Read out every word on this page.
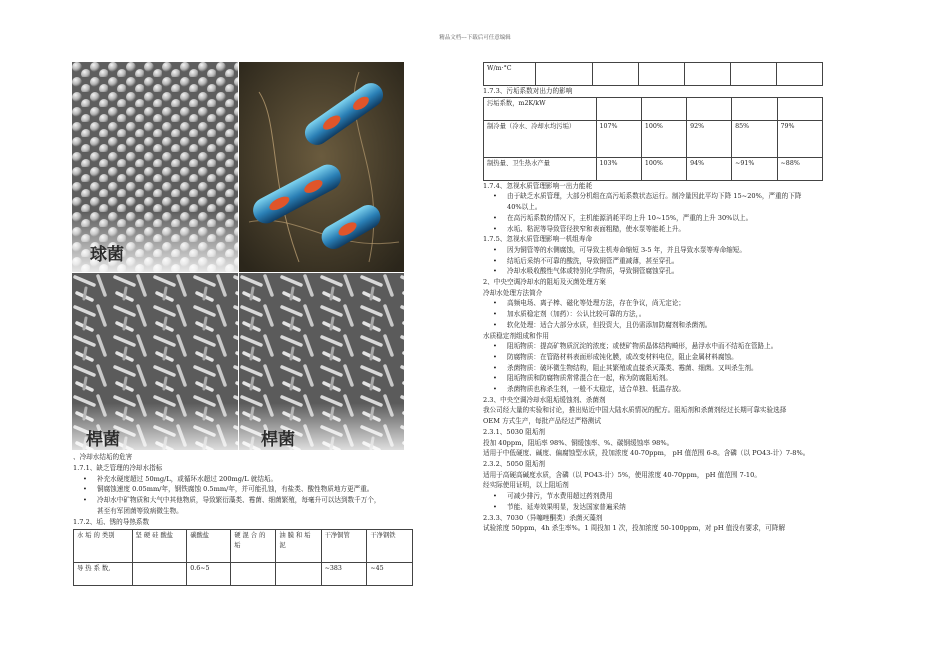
精品文档---下载后可任意编辑
球菌
桿菌	桿菌

、冷却水结垢的危害

1.7.1、缺乏管理的冷却水指标

• 补充水硬度超过 50mg/L，或循环水超过 200mg/L 就结垢。
• 铜腐蚀速度 0.05mm/年，钢铁腐蚀 0.5mm/年，并可能孔蚀，有盐类、酸性物质地方更严重。
• 冷却水中矿物质和大气中其他物质，导致繁衍藻类、霉菌、细菌繁殖，每毫升可以达到数千万个，

甚至有军团菌等致病微生物。

1.7.2、垢、锈的导热系数

水 垢 的 类别	坚 硬 硅 酸盐	碳酸盐	硬 混 合 的 垢	油 膜 和 垢 泥	干净铜管	干净钢铁
导 热 系 数,		0.6~5			~383	~45
W/m·°C						

1.7.3、污垢系数对出力的影响

污垢系数，m2K/kW					
制冷量（冷水、冷却水均污垢）	107%	100%	92%	85%	79%
制热量、卫生热水产量	103%	100%	94%	~91%	~88%

1.7.4、忽视水质管理影响一出力能耗

• 由于缺乏水质管理，大部分机组在高污垢系数状态运行。制冷量因此平均下降 15~20%，严重的下降

40%以上。

• 在高污垢系数的情况下，主机能源消耗平均上升 10~15%，严重的上升 30%以上。
• 水垢、粘泥等导致管径狭窄和表面粗糙，使水泵等能耗上升。

1.7.5、忽视水质管理影响一机组寿命

• 因为铜管等的水侧腐蚀，可导致主机寿命缩短 3-5 年，并且导致水泵等寿命缩短。
• 结垢后采纳不可靠的酸洗，导致铜管严重减薄，甚至穿孔。
• 冷却水吸收酸性气体或特别化学物质，导致铜管腐蚀穿孔。

2、中央空调冷却水的阻垢及灭菌处理方案

冷却水处理方法简介

• 高频电场、离子棒、磁化等处理方法，存在争议，尚无定论；
• 加水质稳定剂（加药）：公认比较可靠的方法，。
• 软化处理：适合大部分水质，但投资大，且仍需添加防腐剂和杀菌剂。

水质稳定剂组成和作用

• 阻垢物质：提高矿物质沉淀的浓度；或使矿物质晶体结构畸形，悬浮水中而不结垢在管路上。
• 防腐物质：在管路材料表面形成钝化膜，或改变材料电位，阻止金属材料腐蚀。
• 杀菌物质：破坏微生物结构，阻止其繁殖或直接杀灭藻类、霉菌、细菌。又叫杀生剂。
• 阻垢物质和防腐物质常常混合在一起，称为防腐阻垢剂。
• 杀菌物质也称杀生剂，一般不太稳定，适合单独、低温存放。

2.3、中央空调冷却水阻垢缓蚀剂、杀菌剂

我公司经大量的实验和讨论，推出贴近中国大陆水质情况的配方。阻垢剂和杀菌剂经过长期可靠实验选择

OEM 方式生产，每批产品经过严格测试

2.3.1、5030 阻垢剂

投加 40ppm，阻垢率 98%、铜缓蚀率、%、碳钢缓蚀率 98%。

适用于中低硬度、碱度、偏腐蚀型水质，投加浓度 40-70ppm， pH 值范围 6-8。含磷（以 PO43-计）7-8%。

2.3.2、5050 阻垢剂

适用于高硬高碱度水质，含磷（以 PO43-计）5%，使用浓度 40-70ppm， pH 值范围 7-10。

经实际使用证明，以上阻垢剂

• 可减少排污，节水费用超过药剂费用
• 节能、延寿效果明显，发达国家普遍采纳

2.3.3、7030（异噻唑酮类）杀菌灭藻剂

试验浓度 50ppm，4h 杀生率%。1 周投加 1 次，投加浓度 50-100ppm，对 pH 值没有要求，可降解
